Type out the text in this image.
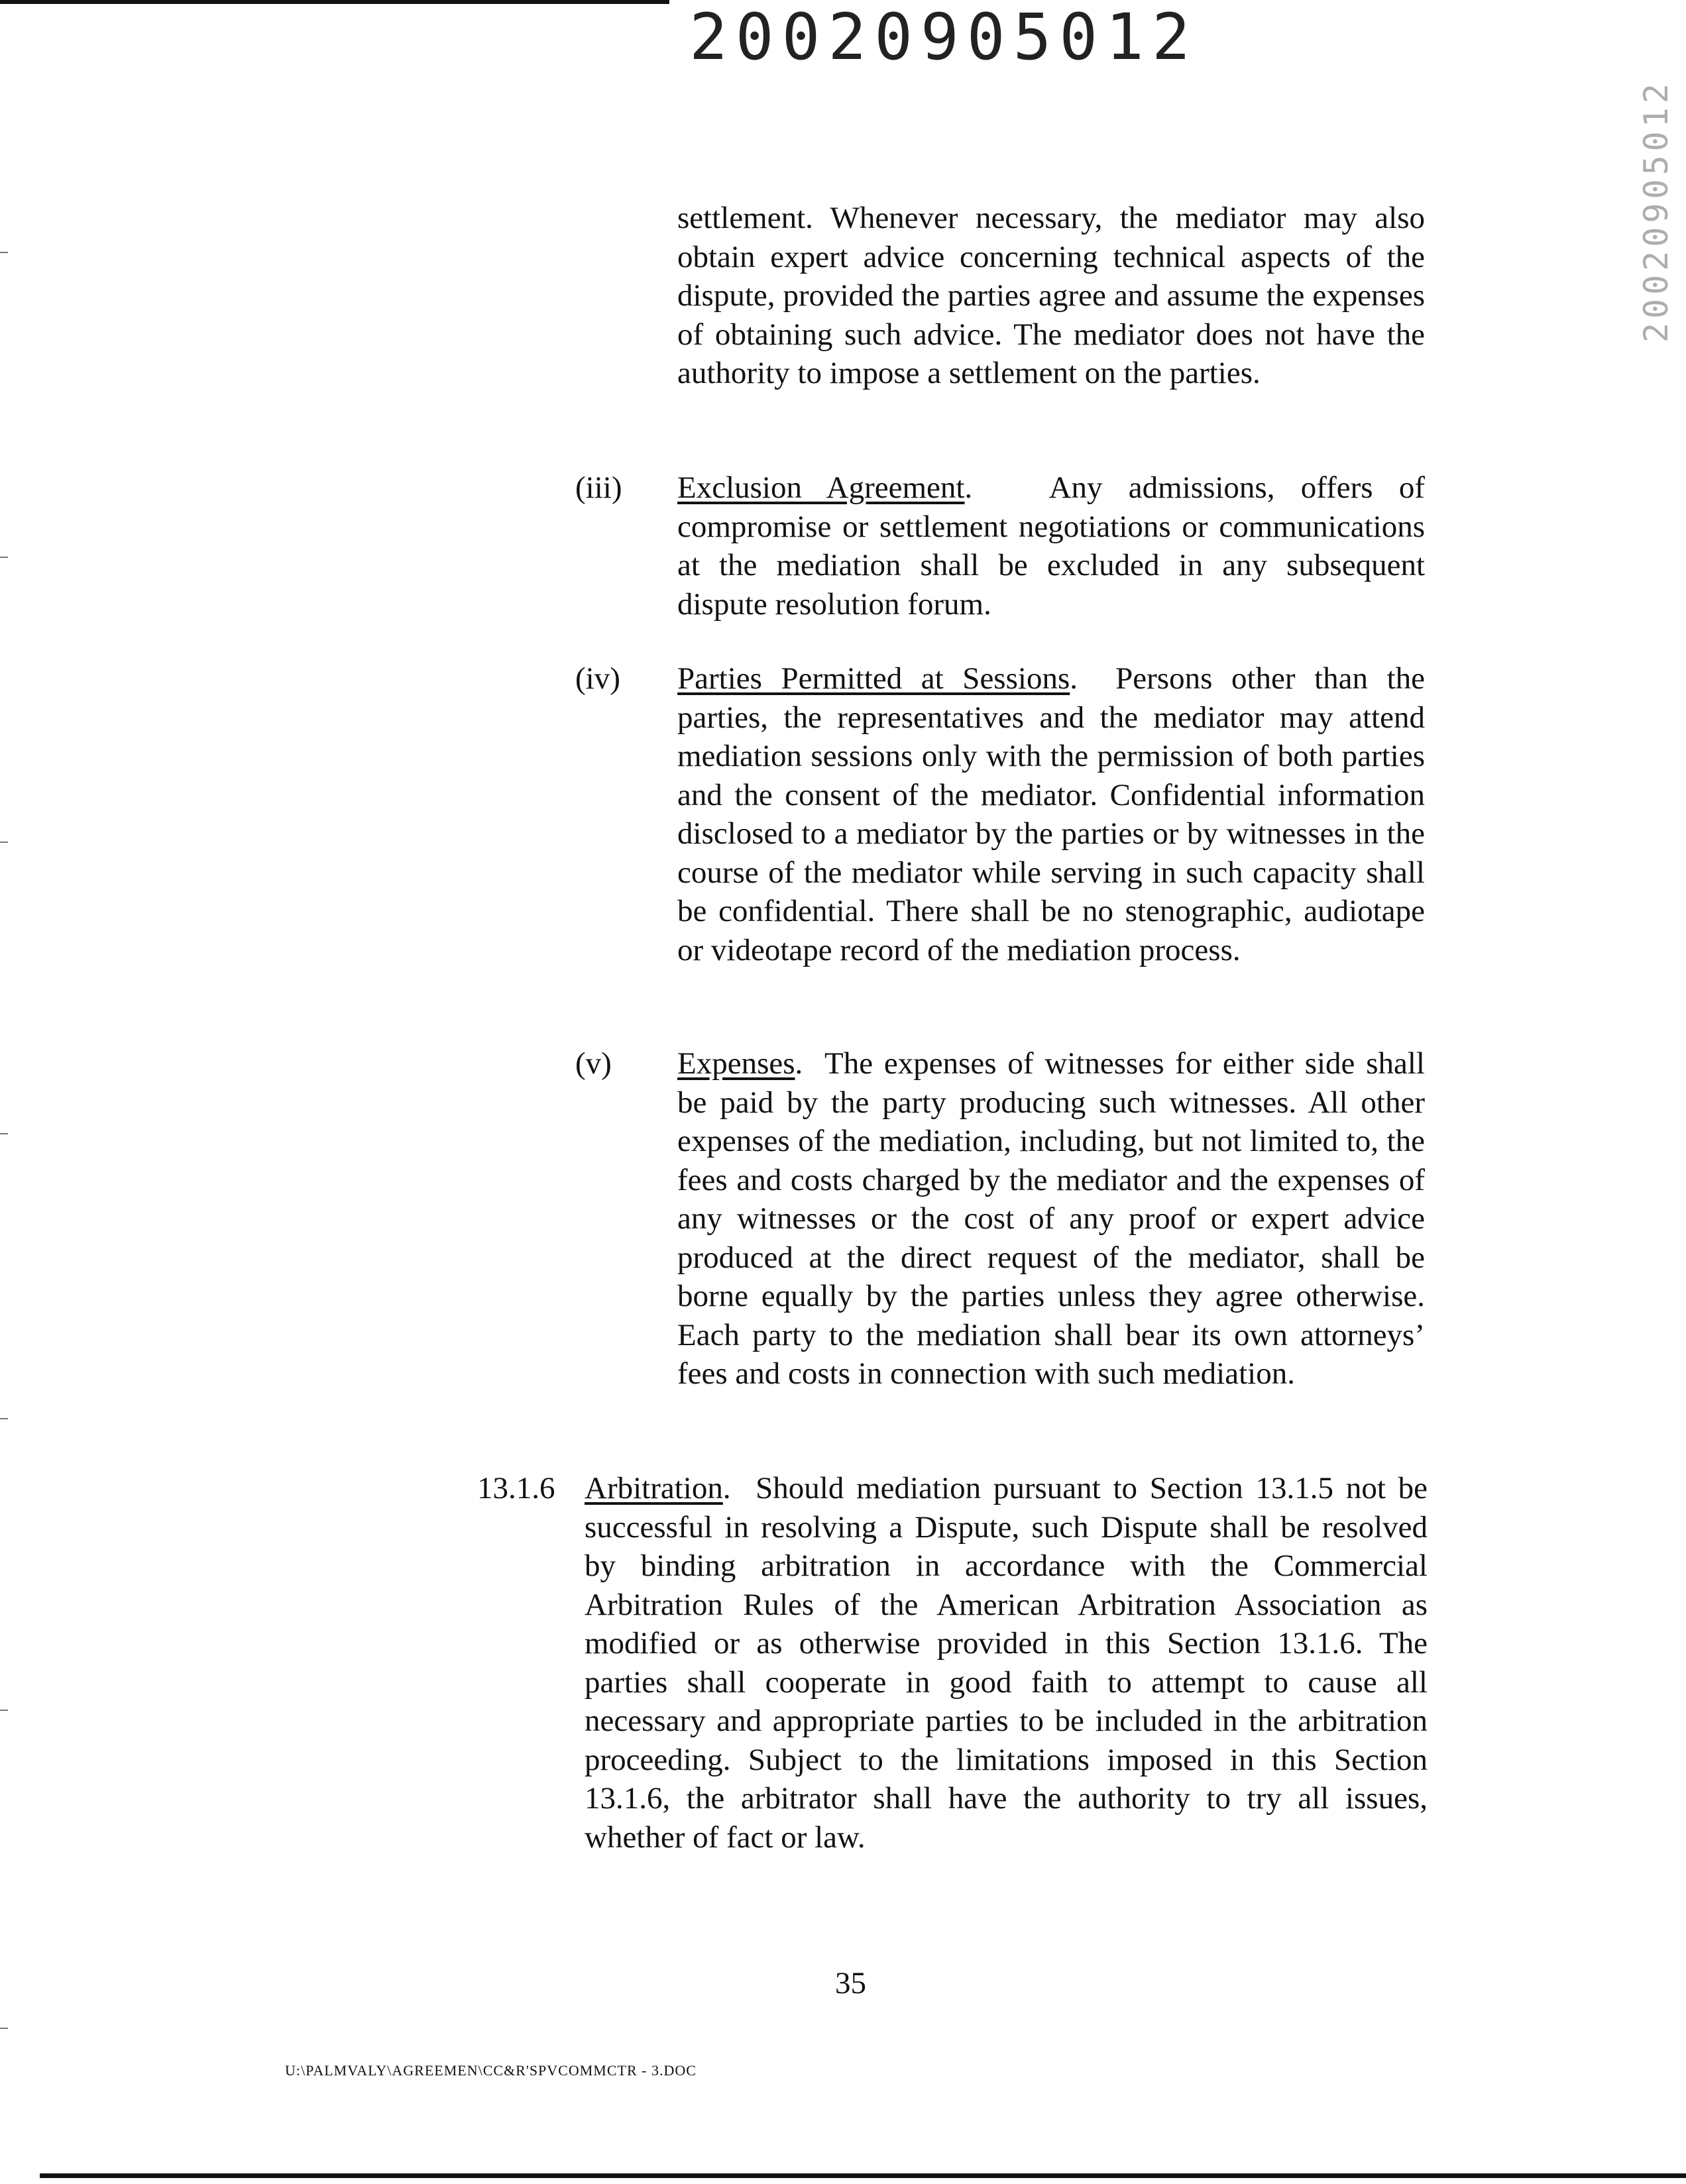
20020905012
20020905012
settlement. Whenever necessary, the mediator may also obtain expert advice concerning technical aspects of the dispute, provided the parties agree and assume the expenses of obtaining such advice. The mediator does not have the authority to impose a settlement on the parties.
(iii) Exclusion Agreement.   Any admissions, offers of compromise or settlement negotiations or communications at the mediation shall be excluded in any subsequent dispute resolution forum.
(iv) Parties Permitted at Sessions.  Persons other than the parties, the representatives and the mediator may attend mediation sessions only with the permission of both parties and the consent of the mediator. Confidential information disclosed to a mediator by the parties or by witnesses in the course of the mediator while serving in such capacity shall be confidential. There shall be no stenographic, audiotape or videotape record of the mediation process.
(v) Expenses.  The expenses of witnesses for either side shall be paid by the party producing such witnesses. All other expenses of the mediation, including, but not limited to, the fees and costs charged by the mediator and the expenses of any witnesses or the cost of any proof or expert advice produced at the direct request of the mediator, shall be borne equally by the parties unless they agree otherwise. Each party to the mediation shall bear its own attorneys’ fees and costs in connection with such mediation.
13.1.6 Arbitration.  Should mediation pursuant to Section 13.1.5 not be successful in resolving a Dispute, such Dispute shall be resolved by binding arbitration in accordance with the Commercial Arbitration Rules of the American Arbitration Association as modified or as otherwise provided in this Section 13.1.6. The parties shall cooperate in good faith to attempt to cause all necessary and appropriate parties to be included in the arbitration proceeding. Subject to the limitations imposed in this Section 13.1.6, the arbitrator shall have the authority to try all issues, whether of fact or law.
35
U:\PALMVALY\AGREEMEN\CC&R'SPVCOMMCTR - 3.DOC
